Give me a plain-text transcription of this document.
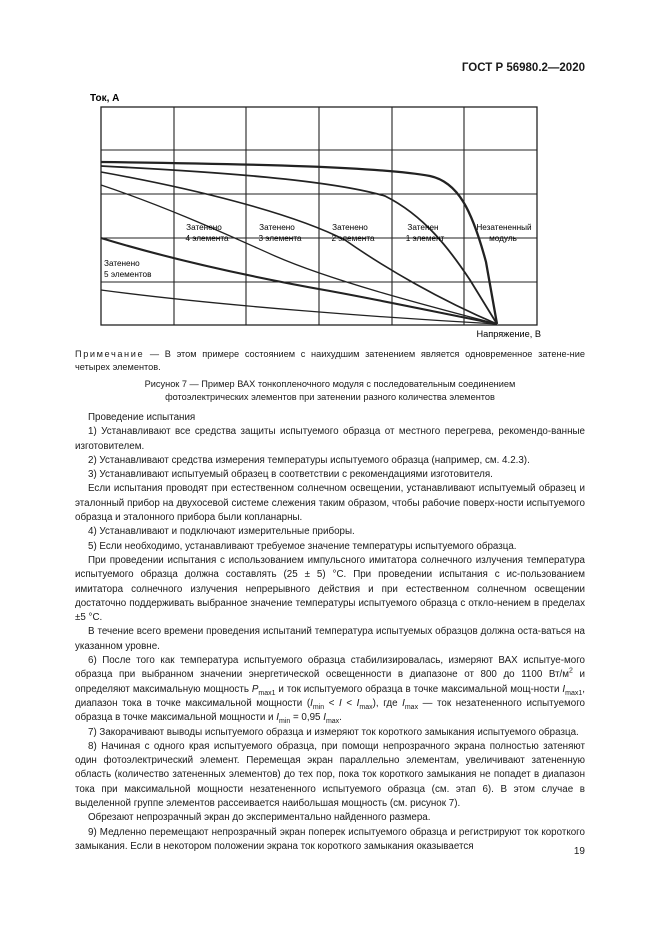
ГОСТ Р 56980.2—2020
Ток, А
Затенено
4 элемента
Затенено
3 элемента
Затенено
2 элемента
Затенен
1 элемент
Незатененный
модуль
Затенено
5 элементов
Напряжение, В
Примечание — В этом примере состоянием с наихудшим затенением является одновременное затене-ние четырех элементов.
Рисунок 7 — Пример ВАХ тонкопленочного модуля с последовательным соединением
фотоэлектрических элементов при затенении разного количества элементов

Проведение испытания

1) Устанавливают все средства защиты испытуемого образца от местного перегрева, рекомендо-ванные изготовителем.

2) Устанавливают средства измерения температуры испытуемого образца (например, см. 4.2.3).

3) Устанавливают испытуемый образец в соответствии с рекомендациями изготовителя.

Если испытания проводят при естественном солнечном освещении, устанавливают испытуемый образец и эталонный прибор на двухосевой системе слежения таким образом, чтобы рабочие поверх-ности испытуемого образца и эталонного прибора были копланарны.

4) Устанавливают и подключают измерительные приборы.

5) Если необходимо, устанавливают требуемое значение температуры испытуемого образца.

При проведении испытания с использованием импульсного имитатора солнечного излучения температура испытуемого образца должна составлять (25 ± 5) °С. При проведении испытания с ис-пользованием имитатора солнечного излучения непрерывного действия и при естественном солнечном освещении достаточно поддерживать выбранное значение температуры испытуемого образца с откло-нением в пределах ±5 °С.

В течение всего времени проведения испытаний температура испытуемых образцов должна оста-ваться на указанном уровне.

6) После того как температура испытуемого образца стабилизировалась, измеряют ВАХ испытуе-мого образца при выбранном значении энергетической освещенности в диапазоне от 800 до 1100 $Вт/м^2$ и определяют максимальную мощность $P_{max1}$ и ток испытуемого образца в точке максимальной мощ-ности $I_{max1}$, диапазон тока в точке максимальной мощности $(I_{min} < I < I_{max})$, где $I_{max}$ — ток незатененного испытуемого образца в точке максимальной мощности и $I_{min} = 0,95$ $I_{max}$.

7) Закорачивают выводы испытуемого образца и измеряют ток короткого замыкания испытуемого образца.

8) Начиная с одного края испытуемого образца, при помощи непрозрачного экрана полностью затеняют один фотоэлектрический элемент. Перемещая экран параллельно элементам, увеличивают затененную область (количество затененных элементов) до тех пор, пока ток короткого замыкания не попадет в диапазон тока при максимальной мощности незатененного испытуемого образца (см. этап 6). В этом случае в выделенной группе элементов рассеивается наибольшая мощность (см. рисунок 7).

Обрезают непрозрачный экран до экспериментально найденного размера.

9) Медленно перемещают непрозрачный экран поперек испытуемого образца и регистрируют ток короткого замыкания. Если в некотором положении экрана ток короткого замыкания оказывается	19
